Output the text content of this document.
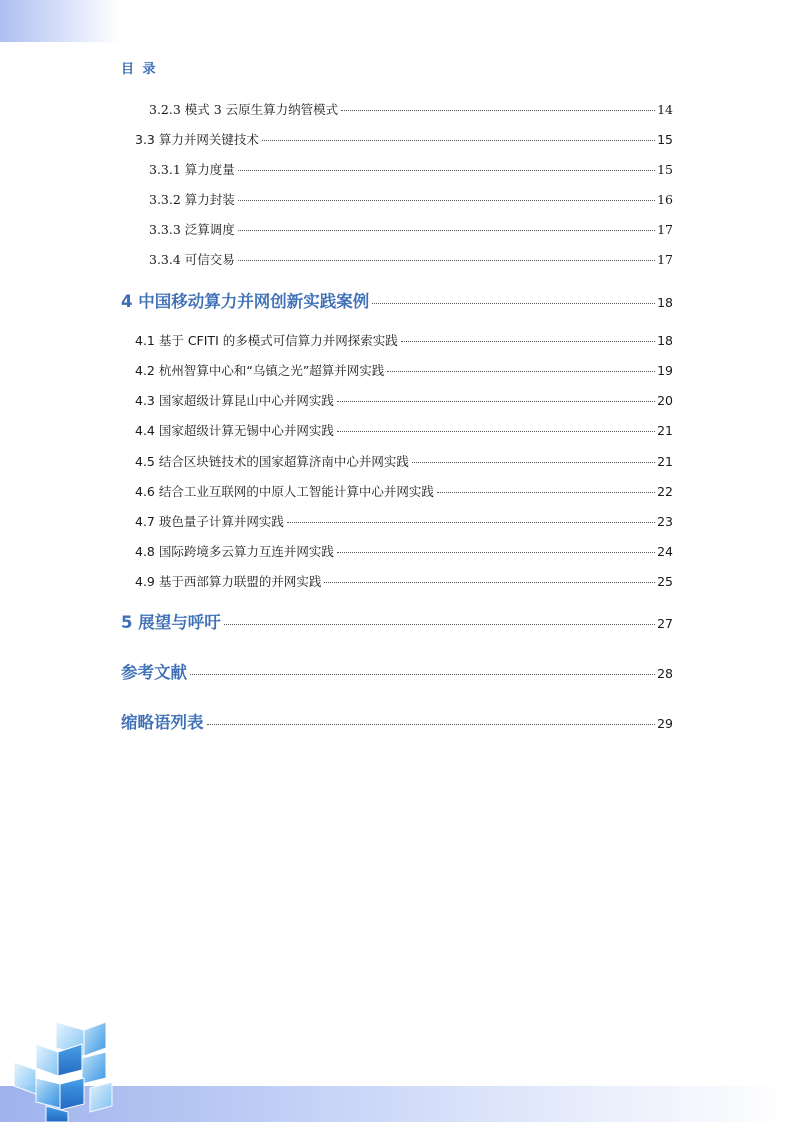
目 录
3.2.3 模式 3 云原生算力纳管模式	14
3.3 算力并网关键技术	15
3.3.1 算力度量	15
3.3.2 算力封装	16
3.3.3 泛算调度	17
3.3.4 可信交易	17
4 中国移动算力并网创新实践案例	18
4.1 基于 CFITI 的多模式可信算力并网探索实践	18
4.2 杭州智算中心和“乌镇之光”超算并网实践	19
4.3 国家超级计算昆山中心并网实践	20
4.4 国家超级计算无锡中心并网实践	21
4.5 结合区块链技术的国家超算济南中心并网实践	21
4.6 结合工业互联网的中原人工智能计算中心并网实践	22
4.7 玻色量子计算并网实践	23
4.8 国际跨境多云算力互连并网实践	24
4.9 基于西部算力联盟的并网实践	25
5 展望与呼吁	27
参考文献	28
缩略语列表	29
